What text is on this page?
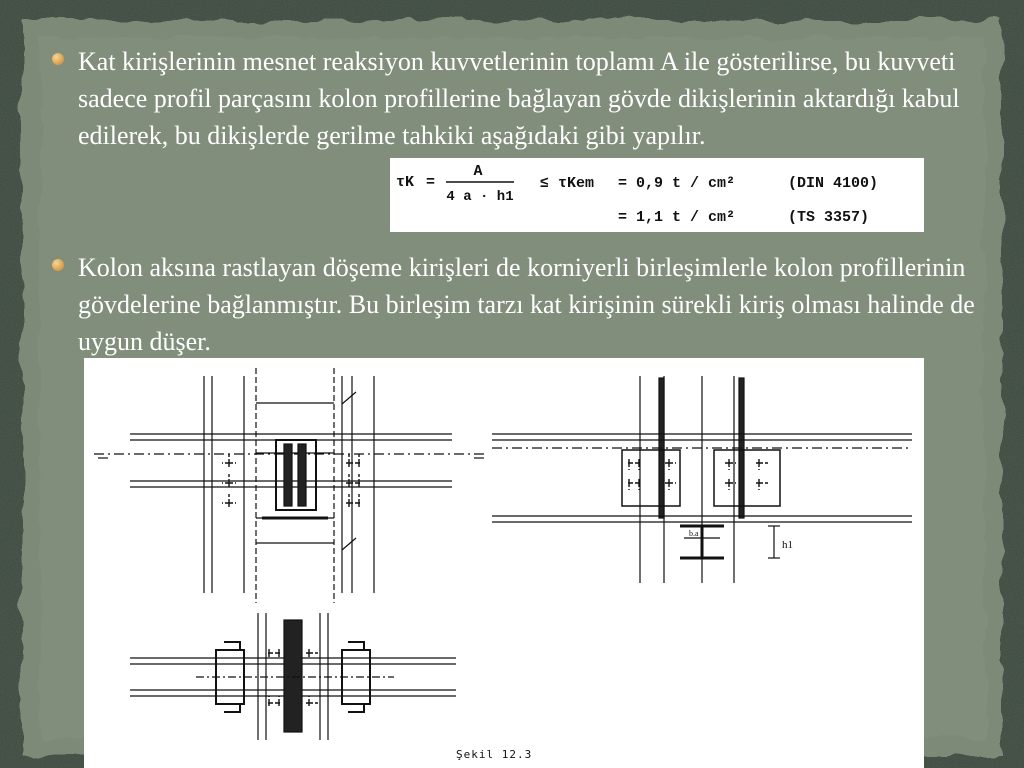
Kat kirişlerinin mesnet reaksiyon kuvvetlerinin toplamı A ile gösterilirse, bu kuvveti sadece profil parçasını kolon profillerine bağlayan gövde dikişlerinin aktardığı kabul edilerek, bu dikişlerde gerilme tahkiki aşağıdaki gibi yapılır.
τK =
A
4 a · h1
≤ τKem = 0,9 t / cm²	(DIN 4100)
= 1,1 t / cm²	(TS 3357)
Kolon aksına rastlayan döşeme kirişleri de korniyerli birleşimlerle kolon profillerinin gövdelerine bağlanmıştır. Bu birleşim tarzı kat kirişinin sürekli kiriş olması halinde de uygun düşer.
h1
b.a
Şekil 12.3
